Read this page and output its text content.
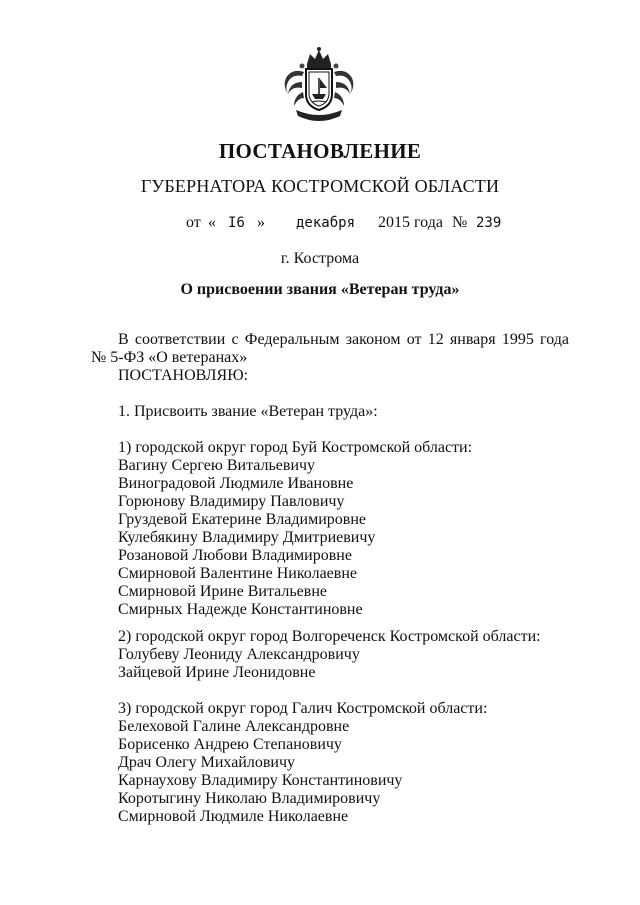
ПОСТАНОВЛЕНИЕ
ГУБЕРНАТОРА КОСТРОМСКОЙ ОБЛАСТИ
от « I6 » декабря 2015 года № 239
г. Кострома
О присвоении звания «Ветеран труда»

В соответствии с Федеральным законом от 12 января 1995 года

№ 5-ФЗ «О ветеранах»

ПОСТАНОВЛЯЮ:

1. Присвоить звание «Ветеран труда»:

1) городской округ город Буй Костромской области:

Вагину Сергею Витальевичу

Виноградовой Людмиле Ивановне

Горюнову Владимиру Павловичу

Груздевой Екатерине Владимировне

Кулебякину Владимиру Дмитриевичу

Розановой Любови Владимировне

Смирновой Валентине Николаевне

Смирновой Ирине Витальевне

Смирных Надежде Константиновне

2) городской округ город Волгореченск Костромской области:

Голубеву Леониду Александровичу

Зайцевой Ирине Леонидовне

3) городской округ город Галич Костромской области:

Белеховой Галине Александровне

Борисенко Андрею Степановичу

Драч Олегу Михайловичу

Карнаухову Владимиру Константиновичу

Коротыгину Николаю Владимировичу

Смирновой Людмиле Николаевне
